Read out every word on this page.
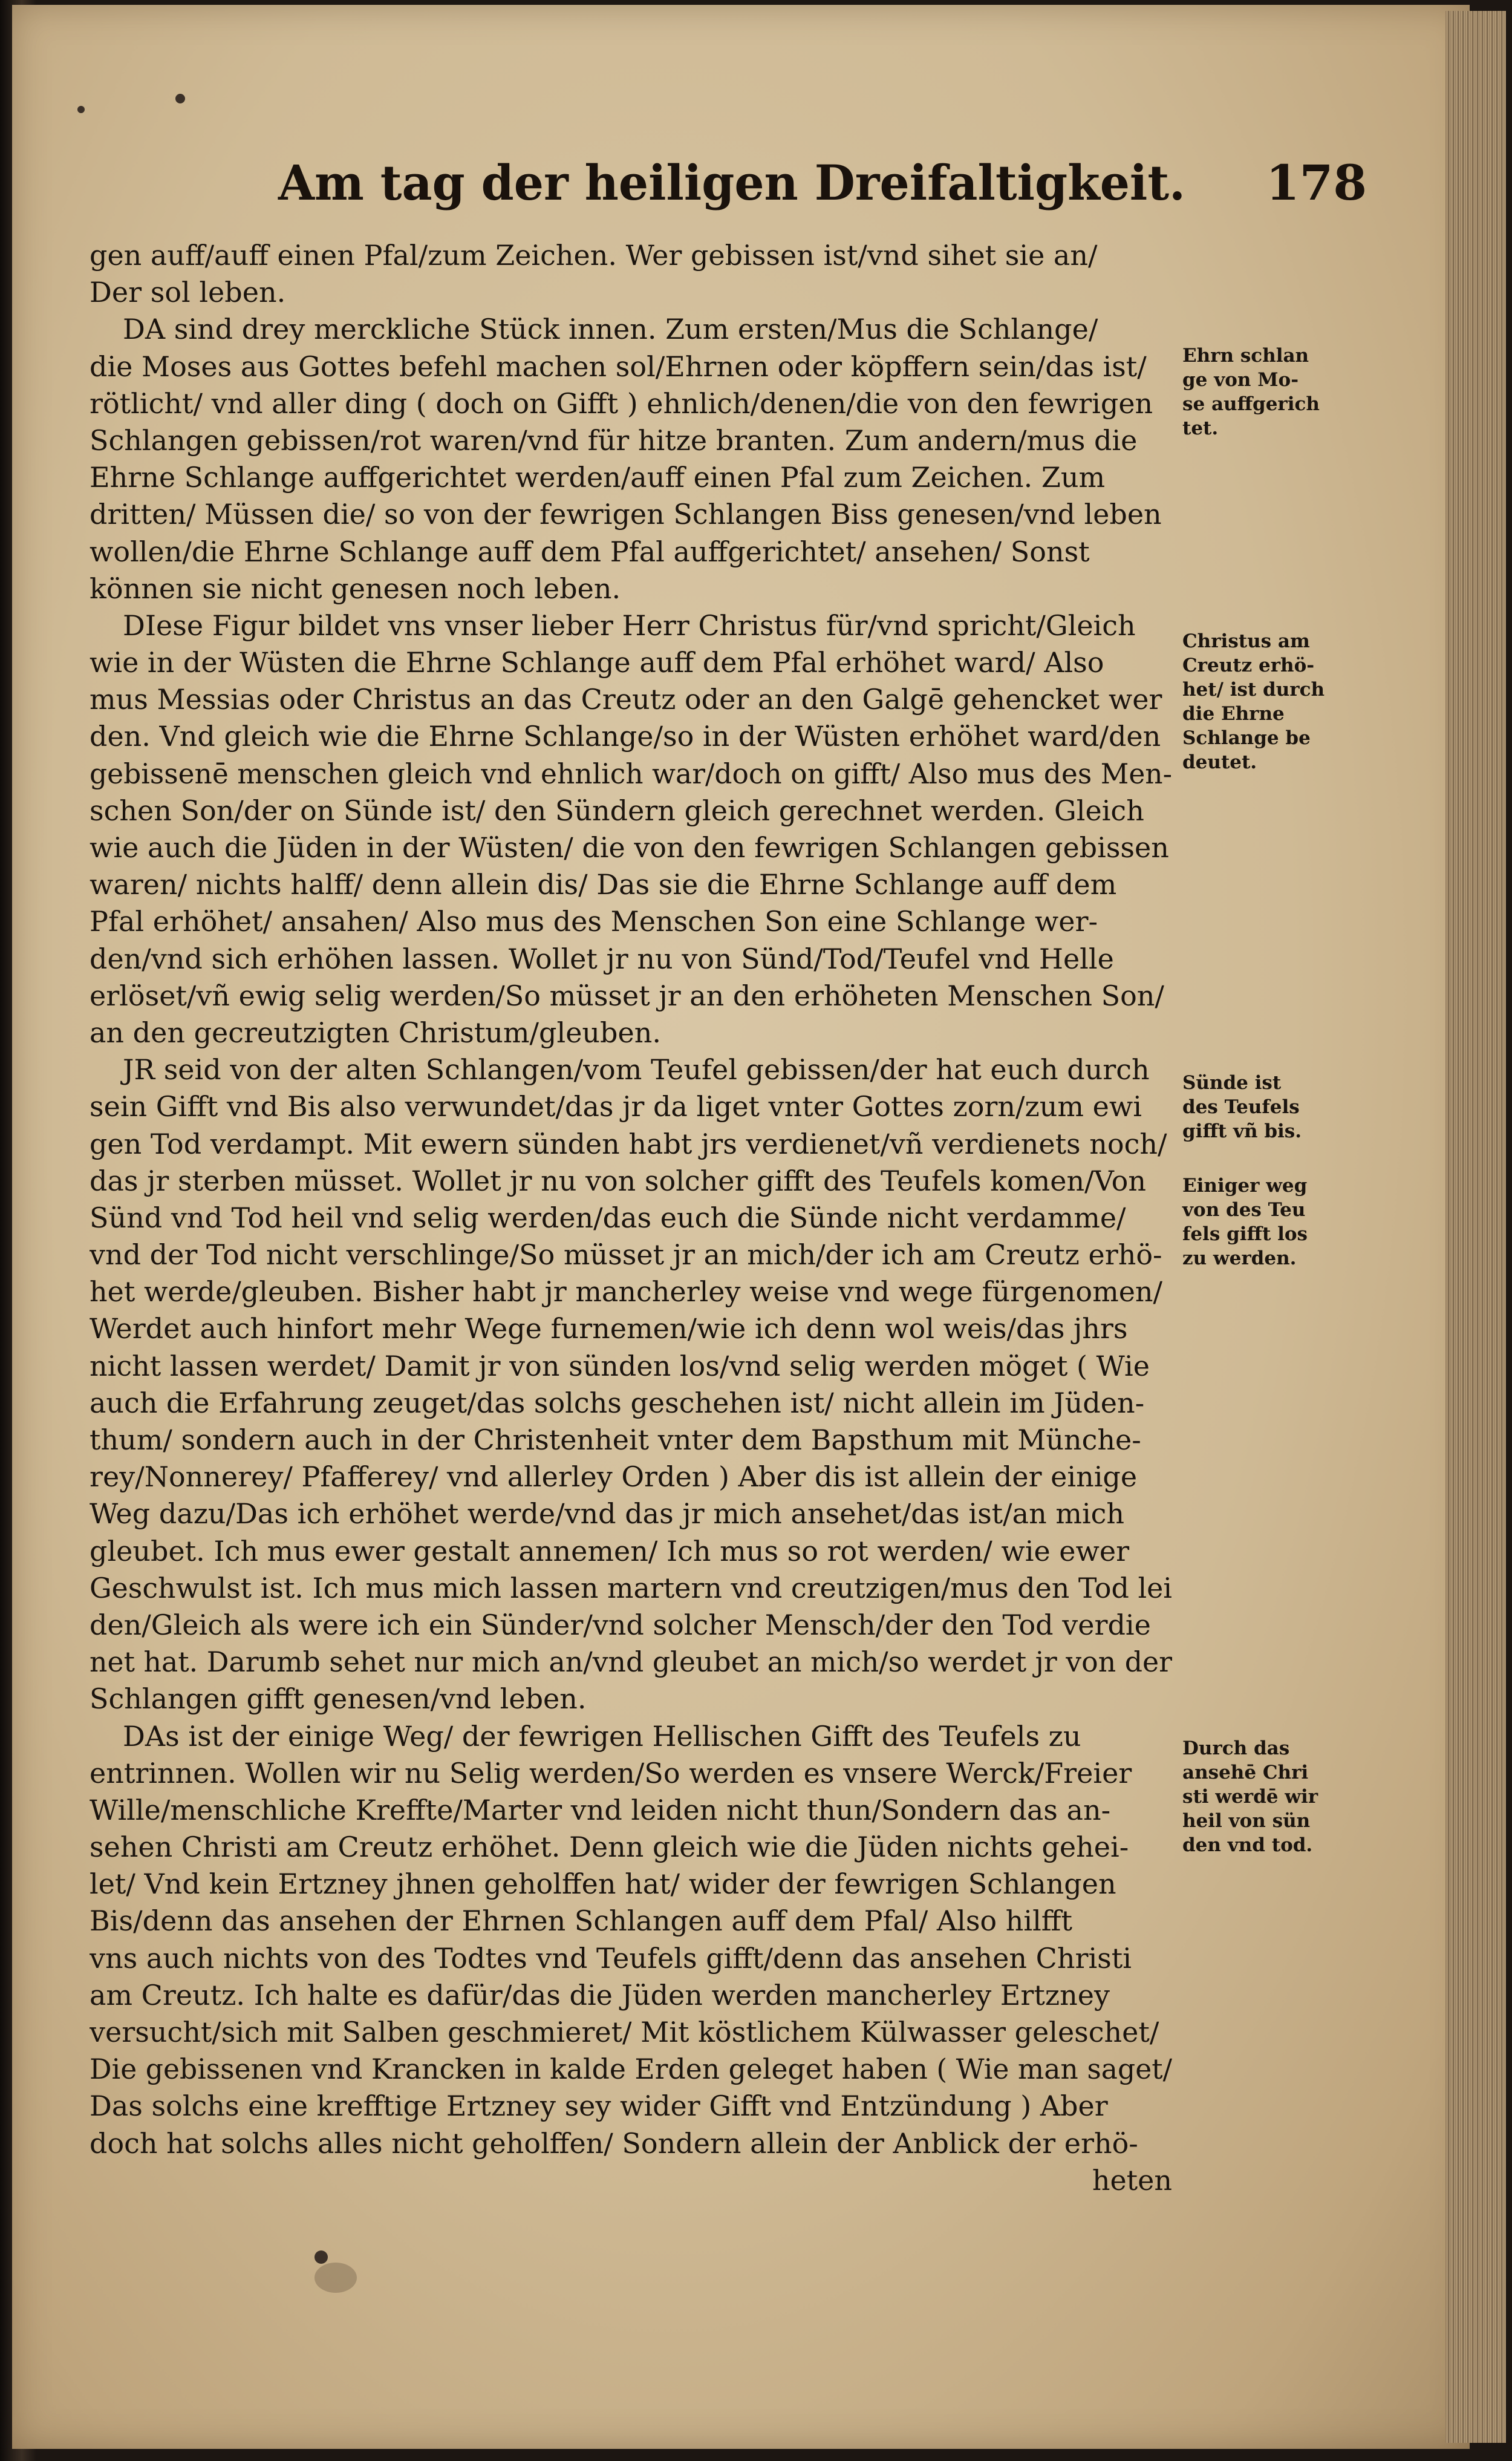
Am tag der heiligen Dreifaltigkeit. 178
gen auff/auff einen Pfal/zum Zeichen. Wer gebissen ist/vnd sihet sie an/
Der sol leben.
DA sind drey merckliche Stück innen. Zum ersten/Mus die Schlange/
die Moses aus Gottes befehl machen sol/Ehrnen oder köpffern sein/das ist/
rötlicht/ vnd aller ding ( doch on Gifft ) ehnlich/denen/die von den fewrigen
Schlangen gebissen/rot waren/vnd für hitze branten. Zum andern/mus die
Ehrne Schlange auffgerichtet werden/auff einen Pfal zum Zeichen. Zum
dritten/ Müssen die/ so von der fewrigen Schlangen Biss genesen/vnd leben
wollen/die Ehrne Schlange auff dem Pfal auffgerichtet/ ansehen/ Sonst
können sie nicht genesen noch leben.
DIese Figur bildet vns vnser lieber Herr Christus für/vnd spricht/Gleich
wie in der Wüsten die Ehrne Schlange auff dem Pfal erhöhet ward/ Also
mus Messias oder Christus an das Creutz oder an den Galgē gehencket wer
den. Vnd gleich wie die Ehrne Schlange/so in der Wüsten erhöhet ward/den
gebissenē menschen gleich vnd ehnlich war/doch on gifft/ Also mus des Men-
schen Son/der on Sünde ist/ den Sündern gleich gerechnet werden. Gleich
wie auch die Jüden in der Wüsten/ die von den fewrigen Schlangen gebissen
waren/ nichts halff/ denn allein dis/ Das sie die Ehrne Schlange auff dem
Pfal erhöhet/ ansahen/ Also mus des Menschen Son eine Schlange wer-
den/vnd sich erhöhen lassen. Wollet jr nu von Sünd/Tod/Teufel vnd Helle
erlöset/vñ ewig selig werden/So müsset jr an den erhöheten Menschen Son/
an den gecreutzigten Christum/gleuben.
JR seid von der alten Schlangen/vom Teufel gebissen/der hat euch durch
sein Gifft vnd Bis also verwundet/das jr da liget vnter Gottes zorn/zum ewi
gen Tod verdampt. Mit ewern sünden habt jrs verdienet/vñ verdienets noch/
das jr sterben müsset. Wollet jr nu von solcher gifft des Teufels komen/Von
Sünd vnd Tod heil vnd selig werden/das euch die Sünde nicht verdamme/
vnd der Tod nicht verschlinge/So müsset jr an mich/der ich am Creutz erhö-
het werde/gleuben. Bisher habt jr mancherley weise vnd wege fürgenomen/
Werdet auch hinfort mehr Wege furnemen/wie ich denn wol weis/das jhrs
nicht lassen werdet/ Damit jr von sünden los/vnd selig werden möget ( Wie
auch die Erfahrung zeuget/das solchs geschehen ist/ nicht allein im Jüden-
thum/ sondern auch in der Christenheit vnter dem Bapsthum mit Münche-
rey/Nonnerey/ Pfafferey/ vnd allerley Orden ) Aber dis ist allein der einige
Weg dazu/Das ich erhöhet werde/vnd das jr mich ansehet/das ist/an mich
gleubet. Ich mus ewer gestalt annemen/ Ich mus so rot werden/ wie ewer
Geschwulst ist. Ich mus mich lassen martern vnd creutzigen/mus den Tod lei
den/Gleich als were ich ein Sünder/vnd solcher Mensch/der den Tod verdie
net hat. Darumb sehet nur mich an/vnd gleubet an mich/so werdet jr von der
Schlangen gifft genesen/vnd leben.
DAs ist der einige Weg/ der fewrigen Hellischen Gifft des Teufels zu
entrinnen. Wollen wir nu Selig werden/So werden es vnsere Werck/Freier
Wille/menschliche Kreffte/Marter vnd leiden nicht thun/Sondern das an-
sehen Christi am Creutz erhöhet. Denn gleich wie die Jüden nichts gehei-
let/ Vnd kein Ertzney jhnen geholffen hat/ wider der fewrigen Schlangen
Bis/denn das ansehen der Ehrnen Schlangen auff dem Pfal/ Also hilfft
vns auch nichts von des Todtes vnd Teufels gifft/denn das ansehen Christi
am Creutz. Ich halte es dafür/das die Jüden werden mancherley Ertzney
versucht/sich mit Salben geschmieret/ Mit köstlichem Külwasser geleschet/
Die gebissenen vnd Krancken in kalde Erden geleget haben ( Wie man saget/
Das solchs eine krefftige Ertzney sey wider Gifft vnd Entzündung ) Aber
doch hat solchs alles nicht geholffen/ Sondern allein der Anblick der erhö-
heten
Ehrn schlan
ge von Mo-
se auffgerich
tet.
Christus am
Creutz erhö-
het/ ist durch
die Ehrne
Schlange be
deutet.
Sünde ist
des Teufels
gifft vñ bis.
Einiger weg
von des Teu
fels gifft los
zu werden.
Durch das
ansehē Chri
sti werdē wir
heil von sün
den vnd tod.
